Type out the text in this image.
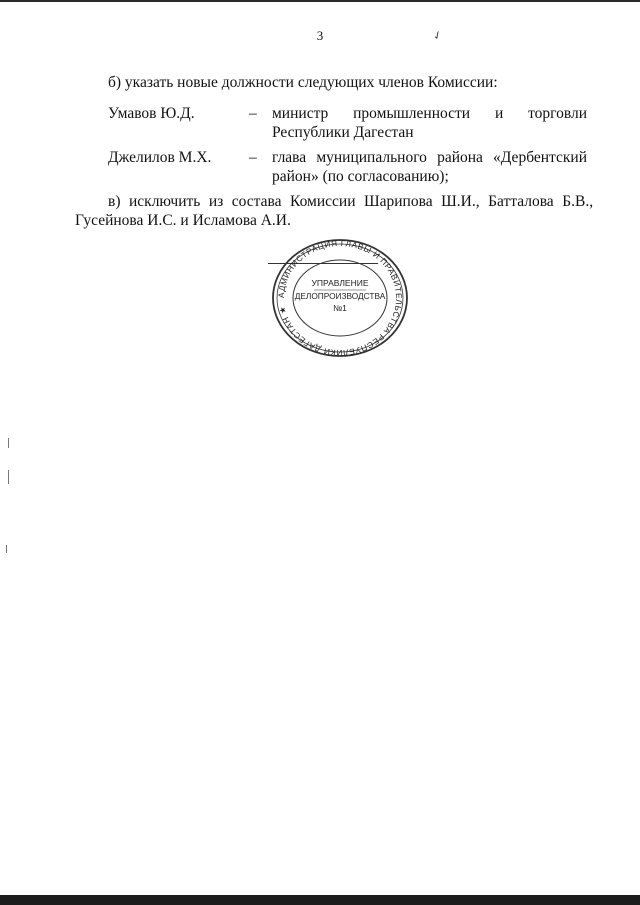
3	✓
б) указать новые должности следующих членов Комиссии:
Умавов Ю.Д.	– министр промышленности и торговли
Республики Дагестан
Джелилов М.Х. – глава муниципального района «Дербентский
район» (по согласованию);
в) исключить из состава Комиссии Шарипова Ш.И., Батталова Б.В.,
Гусейнова И.С. и Исламова А.И.
АДМИНИСТРАЦИЯ ГЛАВЫ И ПРАВИТЕЛЬСТВА РЕСПУБЛИКИ ДАГЕСТАН ★
УПРАВЛЕНИЕ
ДЕЛОПРОИЗВОДСТВА
№1
